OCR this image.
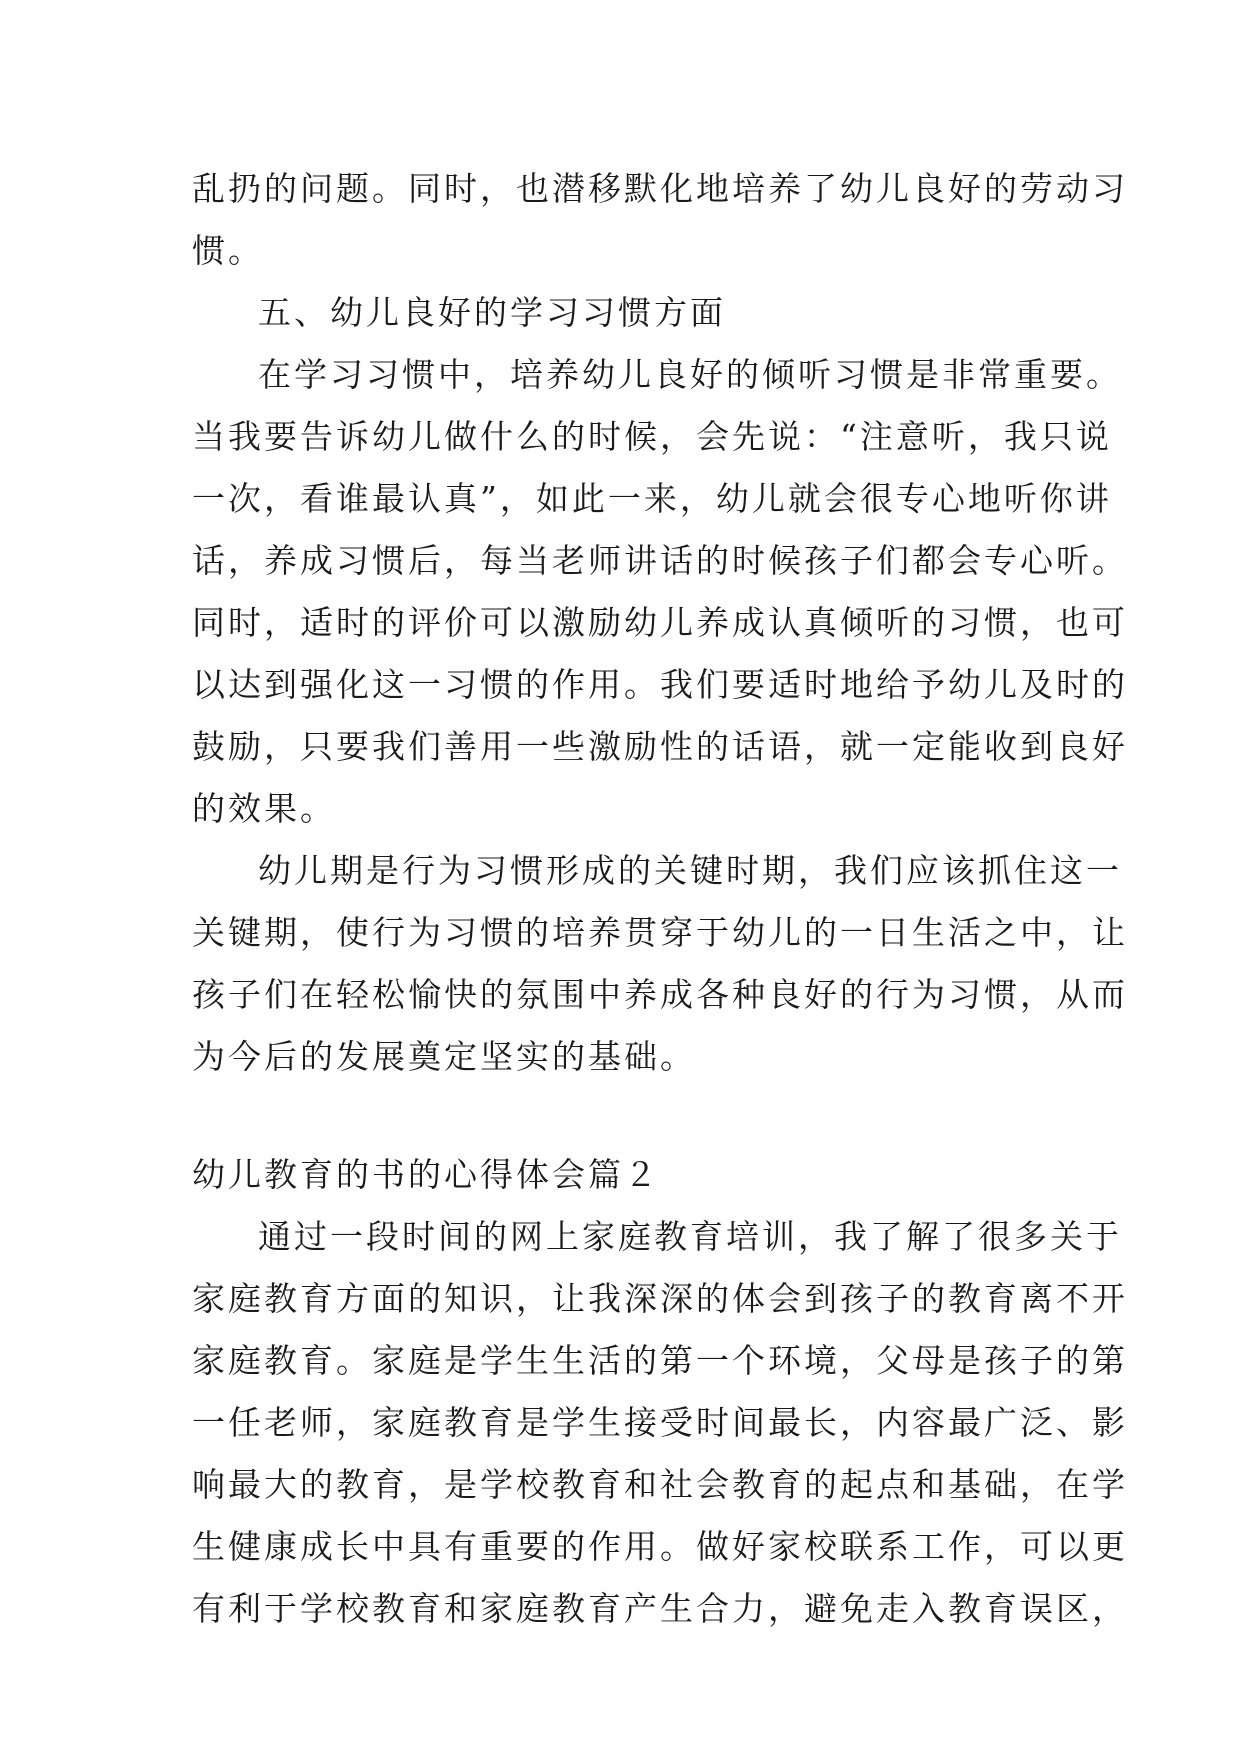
乱扔的问题。同时，也潜移默化地培养了幼儿良好的劳动习

惯。

五、幼儿良好的学习习惯方面

在学习习惯中，培养幼儿良好的倾听习惯是非常重要。

当我要告诉幼儿做什么的时候，会先说：“注意听，我只说

一次，看谁最认真”，如此一来，幼儿就会很专心地听你讲

话，养成习惯后，每当老师讲话的时候孩子们都会专心听。

同时，适时的评价可以激励幼儿养成认真倾听的习惯，也可

以达到强化这一习惯的作用。我们要适时地给予幼儿及时的

鼓励，只要我们善用一些激励性的话语，就一定能收到良好

的效果。

幼儿期是行为习惯形成的关键时期，我们应该抓住这一

关键期，使行为习惯的培养贯穿于幼儿的一日生活之中，让

孩子们在轻松愉快的氛围中养成各种良好的行为习惯，从而

为今后的发展奠定坚实的基础。

幼儿教育的书的心得体会篇２

通过一段时间的网上家庭教育培训，我了解了很多关于

家庭教育方面的知识，让我深深的体会到孩子的教育离不开

家庭教育。家庭是学生生活的第一个环境，父母是孩子的第

一任老师，家庭教育是学生接受时间最长，内容最广泛、影

响最大的教育，是学校教育和社会教育的起点和基础，在学

生健康成长中具有重要的作用。做好家校联系工作，可以更

有利于学校教育和家庭教育产生合力，避免走入教育误区，
